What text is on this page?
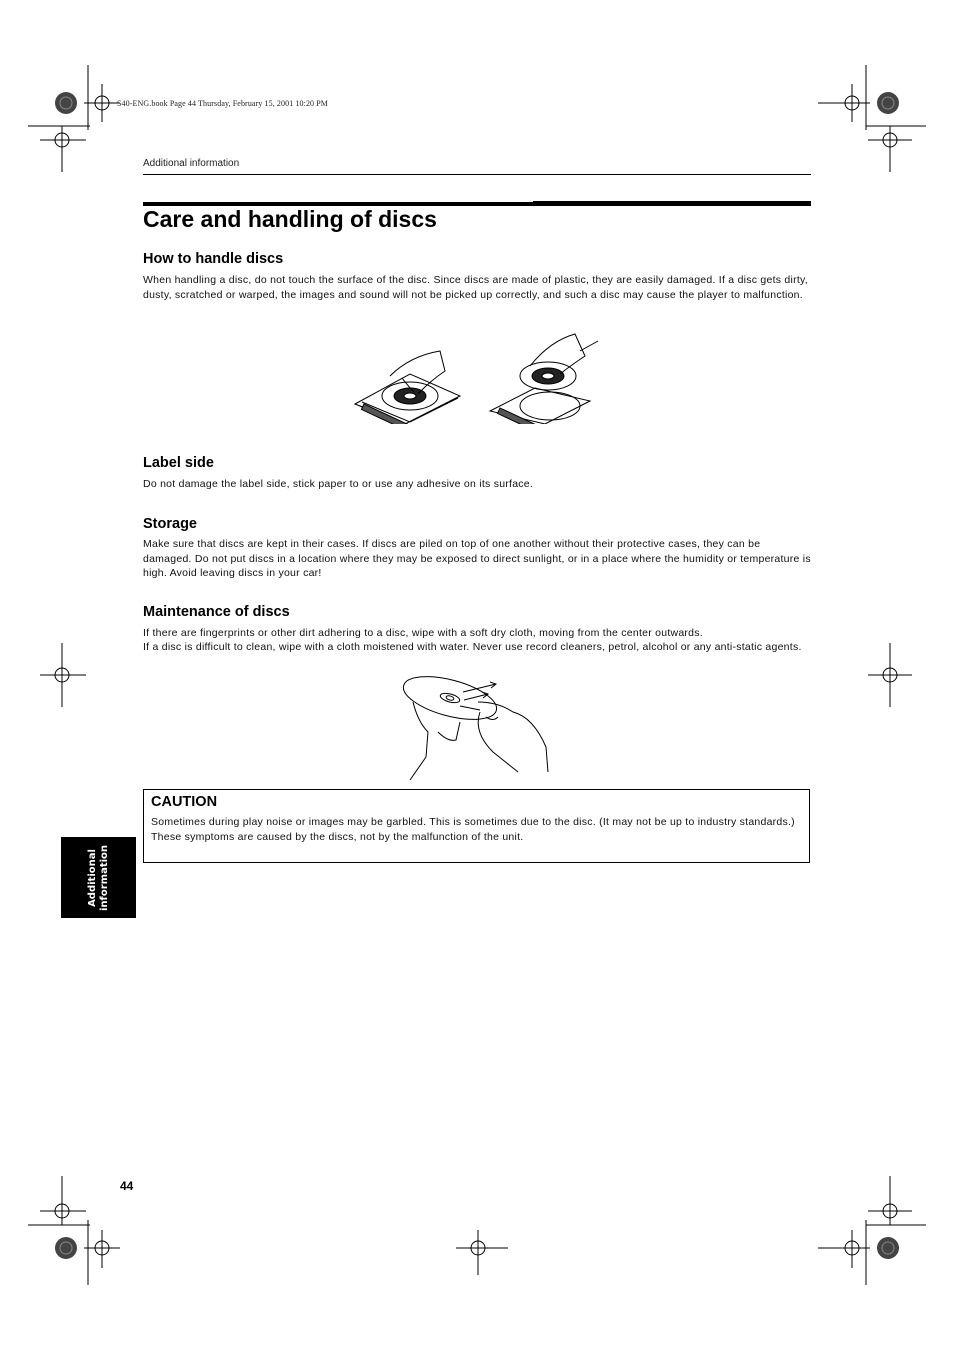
S40-ENG.book Page 44 Thursday, February 15, 2001 10:20 PM
Additional information
Care and handling of discs
How to handle discs

When handling a disc, do not touch the surface of the disc. Since discs are made of plastic, they are easily damaged. If a disc gets dirty, dusty, scratched or warped, the images and sound will not be picked up correctly, and such a disc may cause the player to malfunction.

Label side

Do not damage the label side, stick paper to or use any adhesive on its surface.

Storage

Make sure that discs are kept in their cases. If discs are piled on top of one another without their protective cases, they can be damaged. Do not put discs in a location where they may be exposed to direct sunlight, or in a place where the humidity or temperature is high. Avoid leaving discs in your car!

Maintenance of discs

If there are fingerprints or other dirt adhering to a disc, wipe with a soft dry cloth, moving from the center outwards.

If a disc is difficult to clean, wipe with a cloth moistened with water. Never use record cleaners, petrol, alcohol or any anti-static agents.

CAUTION
Sometimes during play noise or images may be garbled. This is sometimes due to the disc. (It may not be up to industry standards.)
These symptoms are caused by the discs, not by the malfunction of the unit.
Additional information
44
